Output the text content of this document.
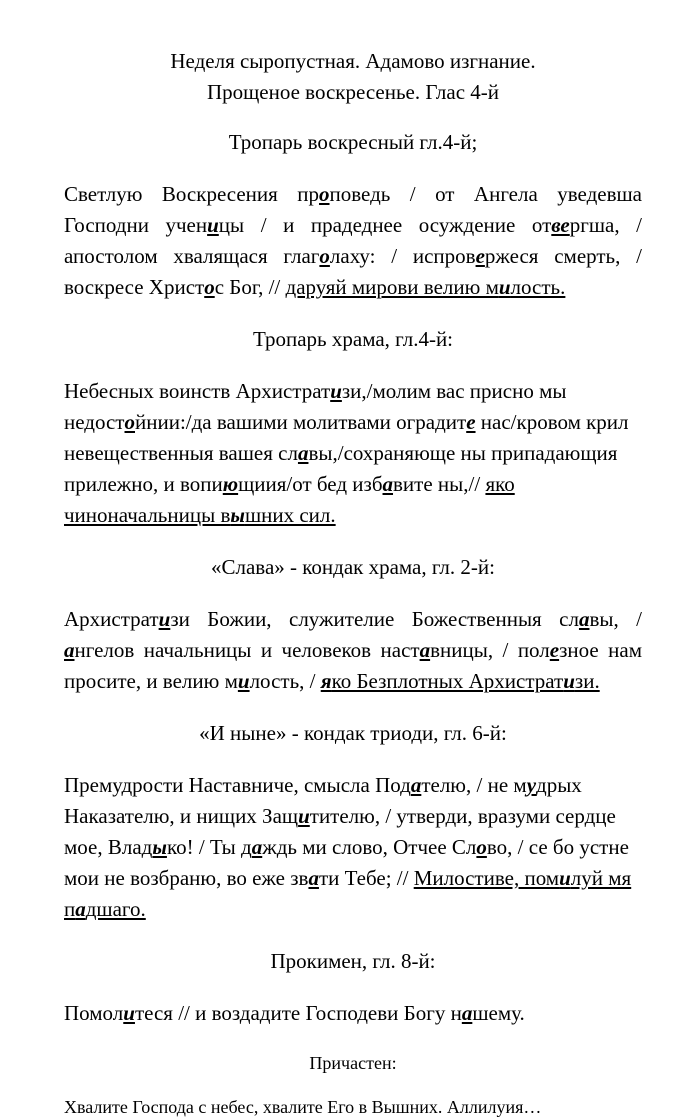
Неделя сыропустная. Адамово изгнание.
Прощеное воскресенье. Глас 4-й
Тропарь воскресный гл.4-й;

Светлую Воскресения проповедь / от Ангела уведевша Господни ученицы / и прадеднее осуждение отвергша, / апостолом хвалящася глаголаху: / испровержеся смерть, / воскресе Христос Бог, // даруяй мирови велию милость.

Тропарь храма, гл.4-й:

Небесных воинств Архистратизи,/молим вас присно мы недостойнии:/да вашими молитвами оградите нас/кровом крил невещественныя вашея славы,/сохраняюще ны припадающия прилежно, и вопиющиия/от бед избавите ны,// яко чиноначальницы вышних сил.

«Слава» - кондак храма, гл. 2-й:

Архистратизи Божии, служителие Божественныя славы, / ангелов начальницы и человеков наставницы, / полезное нам просите, и велию милость, / яко Безплотных Архистратизи.

«И ныне» - кондак триоди, гл. 6-й:

Премудрости Наставниче, смысла Подателю, / не мудрых Наказателю, и нищих Защитителю, / утверди, вразуми сердце мое, Владыко! / Ты даждь ми слово, Отчее Слово, / се бо устне мои не возбраню, во еже звати Тебе; // Милостиве, помилуй мя падшаго.

Прокимен, гл. 8-й:

Помолитеся // и воздадите Господеви Богу нашему.

Причастен:

Хвалите Господа с небес, хвалите Его в Вышних. Аллилуия…
